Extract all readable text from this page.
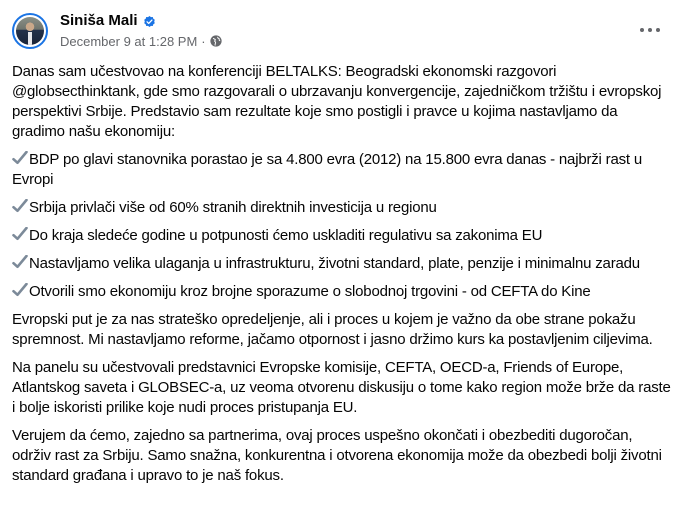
Siniša Mali
December 9 at 1:28 PM ·

Danas sam učestvovao na konferenciji BELTALKS: Beogradski ekonomski razgovori @globsecthinktank, gde smo razgovarali o ubrzavanju konvergencije, zajedničkom tržištu i evropskoj perspektivi Srbije. Predstavio sam rezultate koje smo postigli i pravce u kojima nastavljamo da gradimo našu ekonomiju:

BDP po glavi stanovnika porastao je sa 4.800 evra (2012) na 15.800 evra danas - najbrži rast u Evropi

Srbija privlači više od 60% stranih direktnih investicija u regionu

Do kraja sledeće godine u potpunosti ćemo uskladiti regulativu sa zakonima EU

Nastavljamo velika ulaganja u infrastrukturu, životni standard, plate, penzije i minimalnu zaradu

Otvorili smo ekonomiju kroz brojne sporazume o slobodnoj trgovini - od CEFTA do Kine

Evropski put je za nas strateško opredeljenje, ali i proces u kojem je važno da obe strane pokažu spremnost. Mi nastavljamo reforme, jačamo otpornost i jasno držimo kurs ka postavljenim ciljevima.

Na panelu su učestvovali predstavnici Evropske komisije, CEFTA, OECD-a, Friends of Europe, Atlantskog saveta i GLOBSEC-a, uz veoma otvorenu diskusiju o tome kako region može brže da raste i bolje iskoristi prilike koje nudi proces pristupanja EU.

Verujem da ćemo, zajedno sa partnerima, ovaj proces uspešno okončati i obezbediti dugoročan, održiv rast za Srbiju. Samo snažna, konkurentna i otvorena ekonomija može da obezbedi bolji životni standard građana i upravo to je naš fokus.
